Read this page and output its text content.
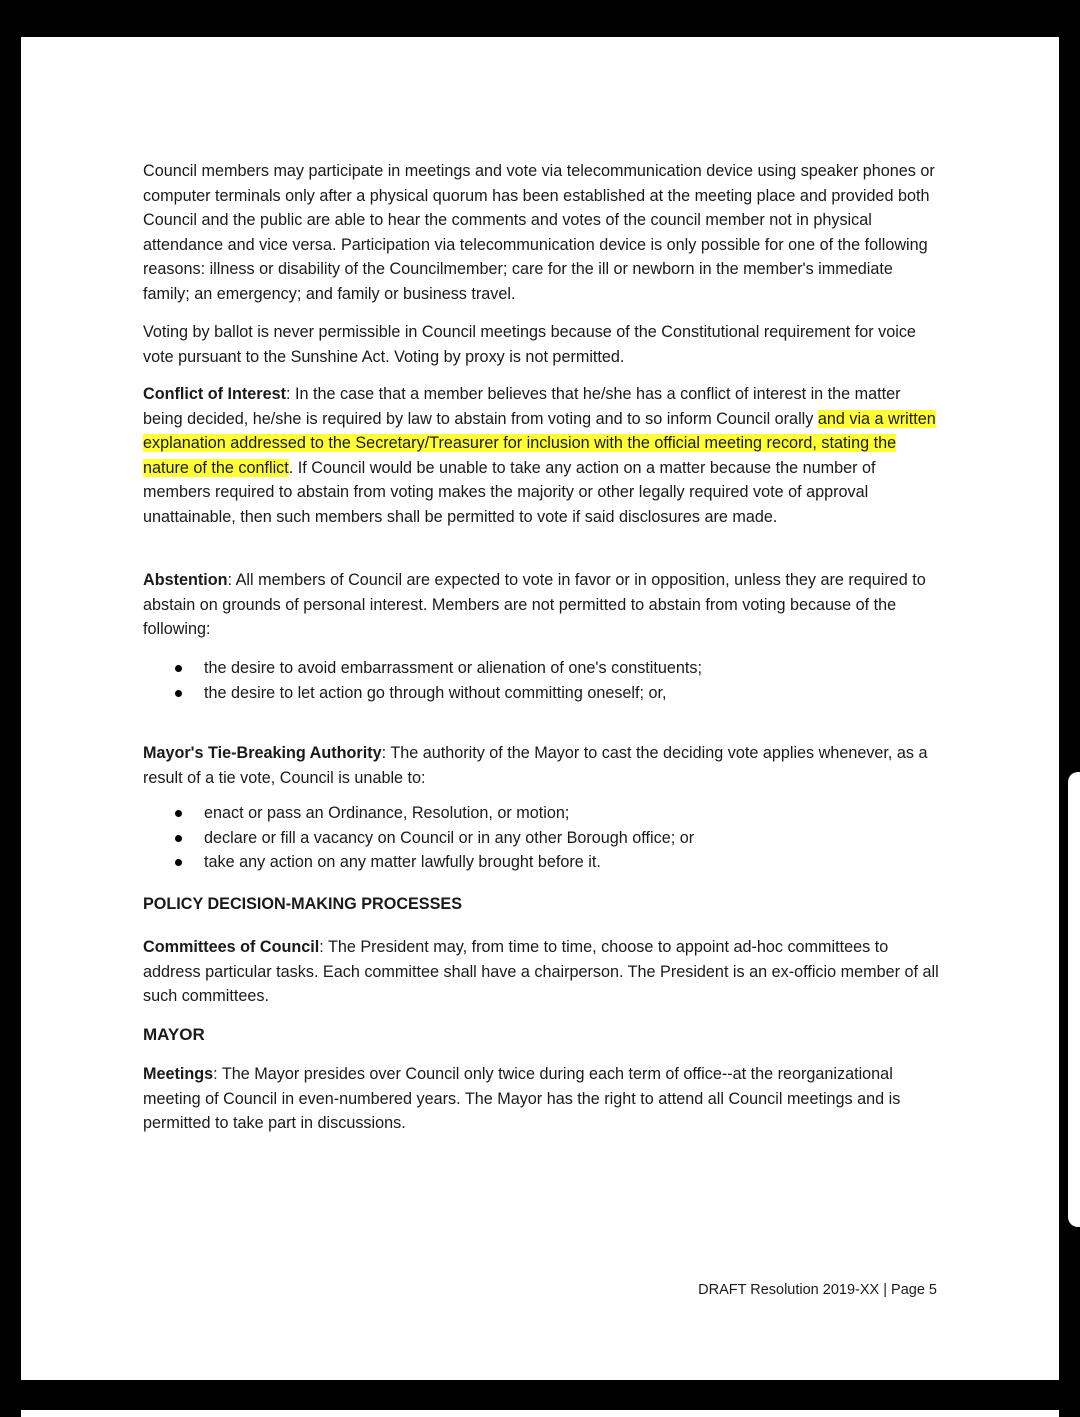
Council members may participate in meetings and vote via telecommunication device using speaker phones or computer terminals only after a physical quorum has been established at the meeting place and provided both Council and the public are able to hear the comments and votes of the council member not in physical attendance and vice versa. Participation via telecommunication device is only possible for one of the following reasons: illness or disability of the Councilmember; care for the ill or newborn in the member's immediate family; an emergency; and family or business travel.

Voting by ballot is never permissible in Council meetings because of the Constitutional requirement for voice vote pursuant to the Sunshine Act. Voting by proxy is not permitted.

Conflict of Interest: In the case that a member believes that he/she has a conflict of interest in the matter being decided, he/she is required by law to abstain from voting and to so inform Council orally and via a written explanation addressed to the Secretary/Treasurer for inclusion with the official meeting record, stating the nature of the conflict. If Council would be unable to take any action on a matter because the number of members required to abstain from voting makes the majority or other legally required vote of approval unattainable, then such members shall be permitted to vote if said disclosures are made.

Abstention: All members of Council are expected to vote in favor or in opposition, unless they are required to abstain on grounds of personal interest. Members are not permitted to abstain from voting because of the following:

the desire to avoid embarrassment or alienation of one's constituents;
the desire to let action go through without committing oneself; or,

Mayor's Tie-Breaking Authority: The authority of the Mayor to cast the deciding vote applies whenever, as a result of a tie vote, Council is unable to:

enact or pass an Ordinance, Resolution, or motion;
declare or fill a vacancy on Council or in any other Borough office; or
take any action on any matter lawfully brought before it.

POLICY DECISION-MAKING PROCESSES

Committees of Council: The President may, from time to time, choose to appoint ad-hoc committees to address particular tasks. Each committee shall have a chairperson. The President is an ex-officio member of all such committees.

MAYOR

Meetings: The Mayor presides over Council only twice during each term of office--at the reorganizational meeting of Council in even-numbered years. The Mayor has the right to attend all Council meetings and is permitted to take part in discussions.

DRAFT Resolution 2019-XX | Page 5
